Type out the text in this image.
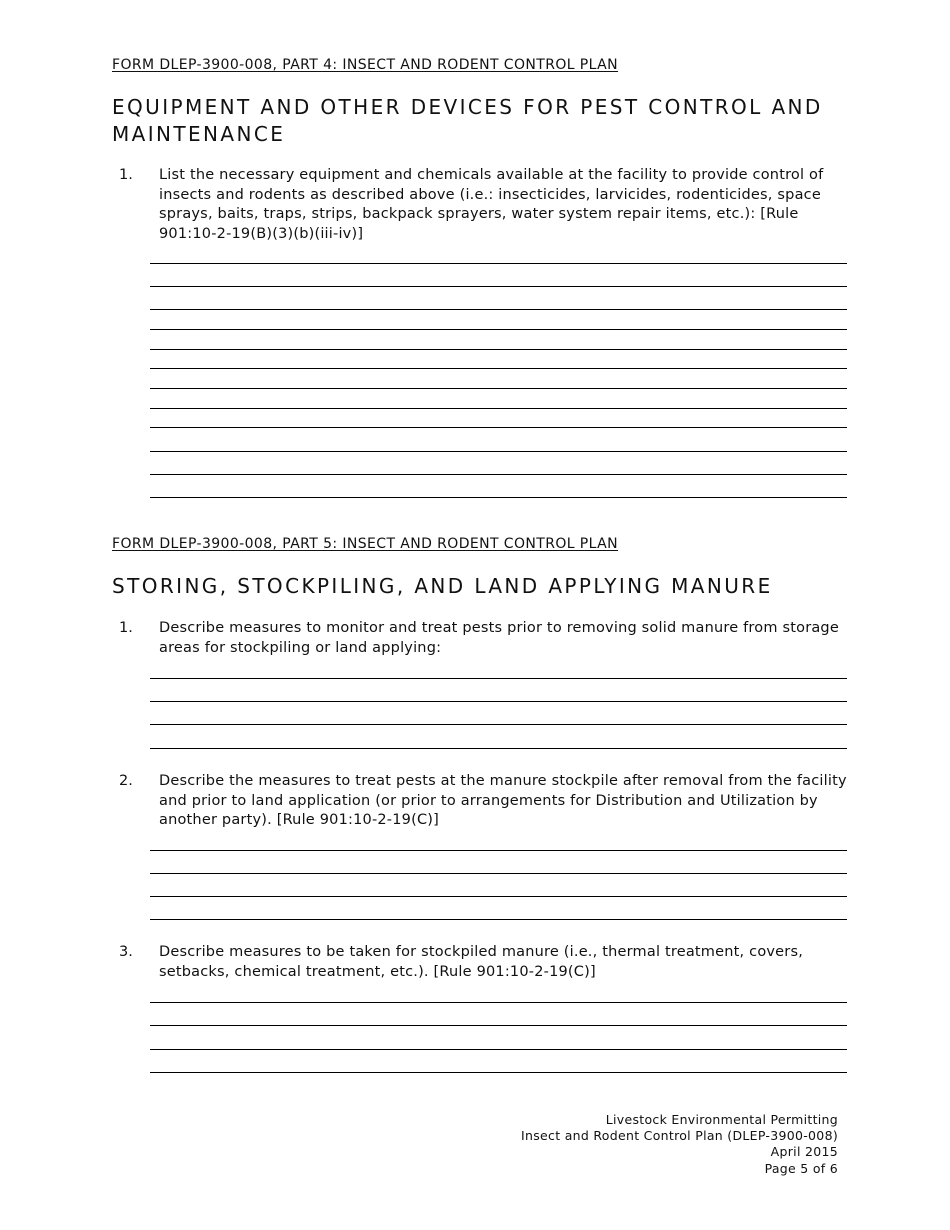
FORM DLEP-3900-008, PART 4: INSECT AND RODENT CONTROL PLAN
EQUIPMENT AND OTHER DEVICES FOR PEST CONTROL AND MAINTENANCE
1. List the necessary equipment and chemicals available at the facility to provide control of insects and rodents as described above (i.e.: insecticides, larvicides, rodenticides, space sprays, baits, traps, strips, backpack sprayers, water system repair items, etc.): [Rule 901:10-2-19(B)(3)(b)(iii-iv)]
FORM DLEP-3900-008, PART 5: INSECT AND RODENT CONTROL PLAN
STORING, STOCKPILING, AND LAND APPLYING MANURE
1. Describe measures to monitor and treat pests prior to removing solid manure from storage areas for stockpiling or land applying:
2. Describe the measures to treat pests at the manure stockpile after removal from the facility and prior to land application (or prior to arrangements for Distribution and Utilization by another party). [Rule 901:10-2-19(C)]
3. Describe measures to be taken for stockpiled manure (i.e., thermal treatment, covers, setbacks, chemical treatment, etc.). [Rule 901:10-2-19(C)]
Livestock Environmental Permitting
Insect and Rodent Control Plan (DLEP-3900-008)
April 2015
Page 5 of 6
